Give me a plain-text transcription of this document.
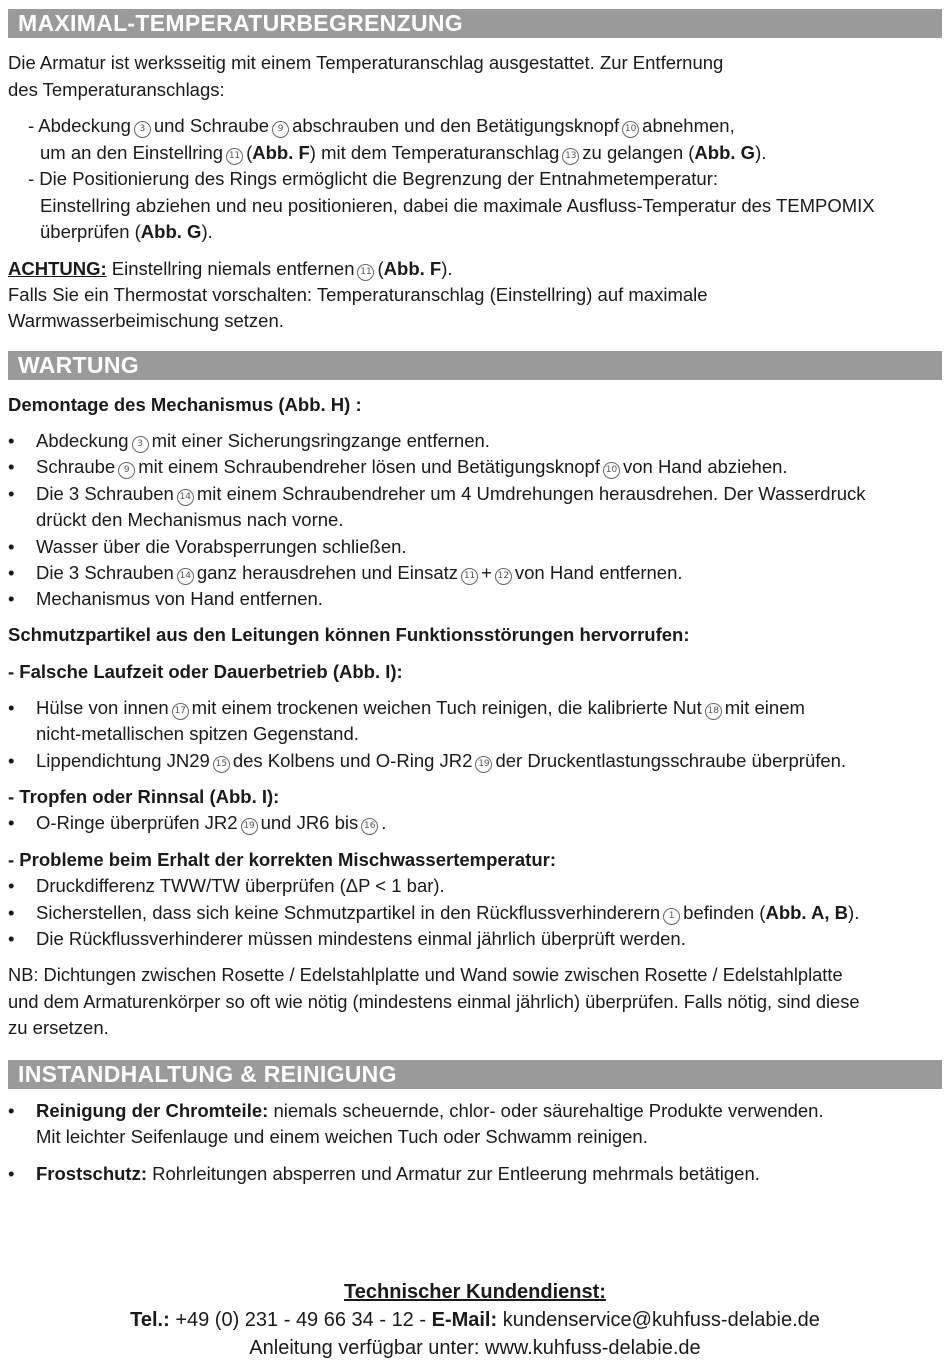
MAXIMAL-TEMPERATURBEGRENZUNG
Die Armatur ist werksseitig mit einem Temperaturanschlag ausgestattet. Zur Entfernung
des Temperaturanschlags:
- Abdeckung 3 und Schraube 9 abschrauben und den Betätigungsknopf 10 abnehmen,
um an den Einstellring 11 (Abb. F) mit dem Temperaturanschlag 13 zu gelangen (Abb. G).
- Die Positionierung des Rings ermöglicht die Begrenzung der Entnahmetemperatur:
Einstellring abziehen und neu positionieren, dabei die maximale Ausfluss-Temperatur des TEMPOMIX
überprüfen (Abb. G).
ACHTUNG: Einstellring niemals entfernen 11 (Abb. F).
Falls Sie ein Thermostat vorschalten: Temperaturanschlag (Einstellring) auf maximale
Warmwasserbeimischung setzen.
WARTUNG
Demontage des Mechanismus (Abb. H) :
• Abdeckung 3 mit einer Sicherungsringzange entfernen.
• Schraube 9 mit einem Schraubendreher lösen und Betätigungsknopf 10 von Hand abziehen.
• Die 3 Schrauben 14 mit einem Schraubendreher um 4 Umdrehungen herausdrehen. Der Wasserdruck
drückt den Mechanismus nach vorne.
• Wasser über die Vorabsperrungen schließen.
• Die 3 Schrauben 14 ganz herausdrehen und Einsatz 11 + 12 von Hand entfernen.
• Mechanismus von Hand entfernen.
Schmutzpartikel aus den Leitungen können Funktionsstörungen hervorrufen:
- Falsche Laufzeit oder Dauerbetrieb (Abb. I):
• Hülse von innen 17 mit einem trockenen weichen Tuch reinigen, die kalibrierte Nut 18 mit einem
nicht-metallischen spitzen Gegenstand.
• Lippendichtung JN29 15 des Kolbens und O-Ring JR2 19 der Druckentlastungsschraube überprüfen.
- Tropfen oder Rinnsal (Abb. I):
• O-Ringe überprüfen JR2 19 und JR6 bis 16 .
- Probleme beim Erhalt der korrekten Mischwassertemperatur:
• Druckdifferenz TWW/TW überprüfen (ΔP < 1 bar).
• Sicherstellen, dass sich keine Schmutzpartikel in den Rückflussverhinderern 1 befinden (Abb. A, B).
• Die Rückflussverhinderer müssen mindestens einmal jährlich überprüft werden.
NB: Dichtungen zwischen Rosette / Edelstahlplatte und Wand sowie zwischen Rosette / Edelstahlplatte
und dem Armaturenkörper so oft wie nötig (mindestens einmal jährlich) überprüfen. Falls nötig, sind diese
zu ersetzen.
INSTANDHALTUNG & REINIGUNG
• Reinigung der Chromteile: niemals scheuernde, chlor- oder säurehaltige Produkte verwenden.
Mit leichter Seifenlauge und einem weichen Tuch oder Schwamm reinigen.
• Frostschutz: Rohrleitungen absperren und Armatur zur Entleerung mehrmals betätigen.
Technischer Kundendienst:
Tel.: +49 (0) 231 - 49 66 34 - 12 - E-Mail: kundenservice@kuhfuss-delabie.de
Anleitung verfügbar unter: www.kuhfuss-delabie.de
